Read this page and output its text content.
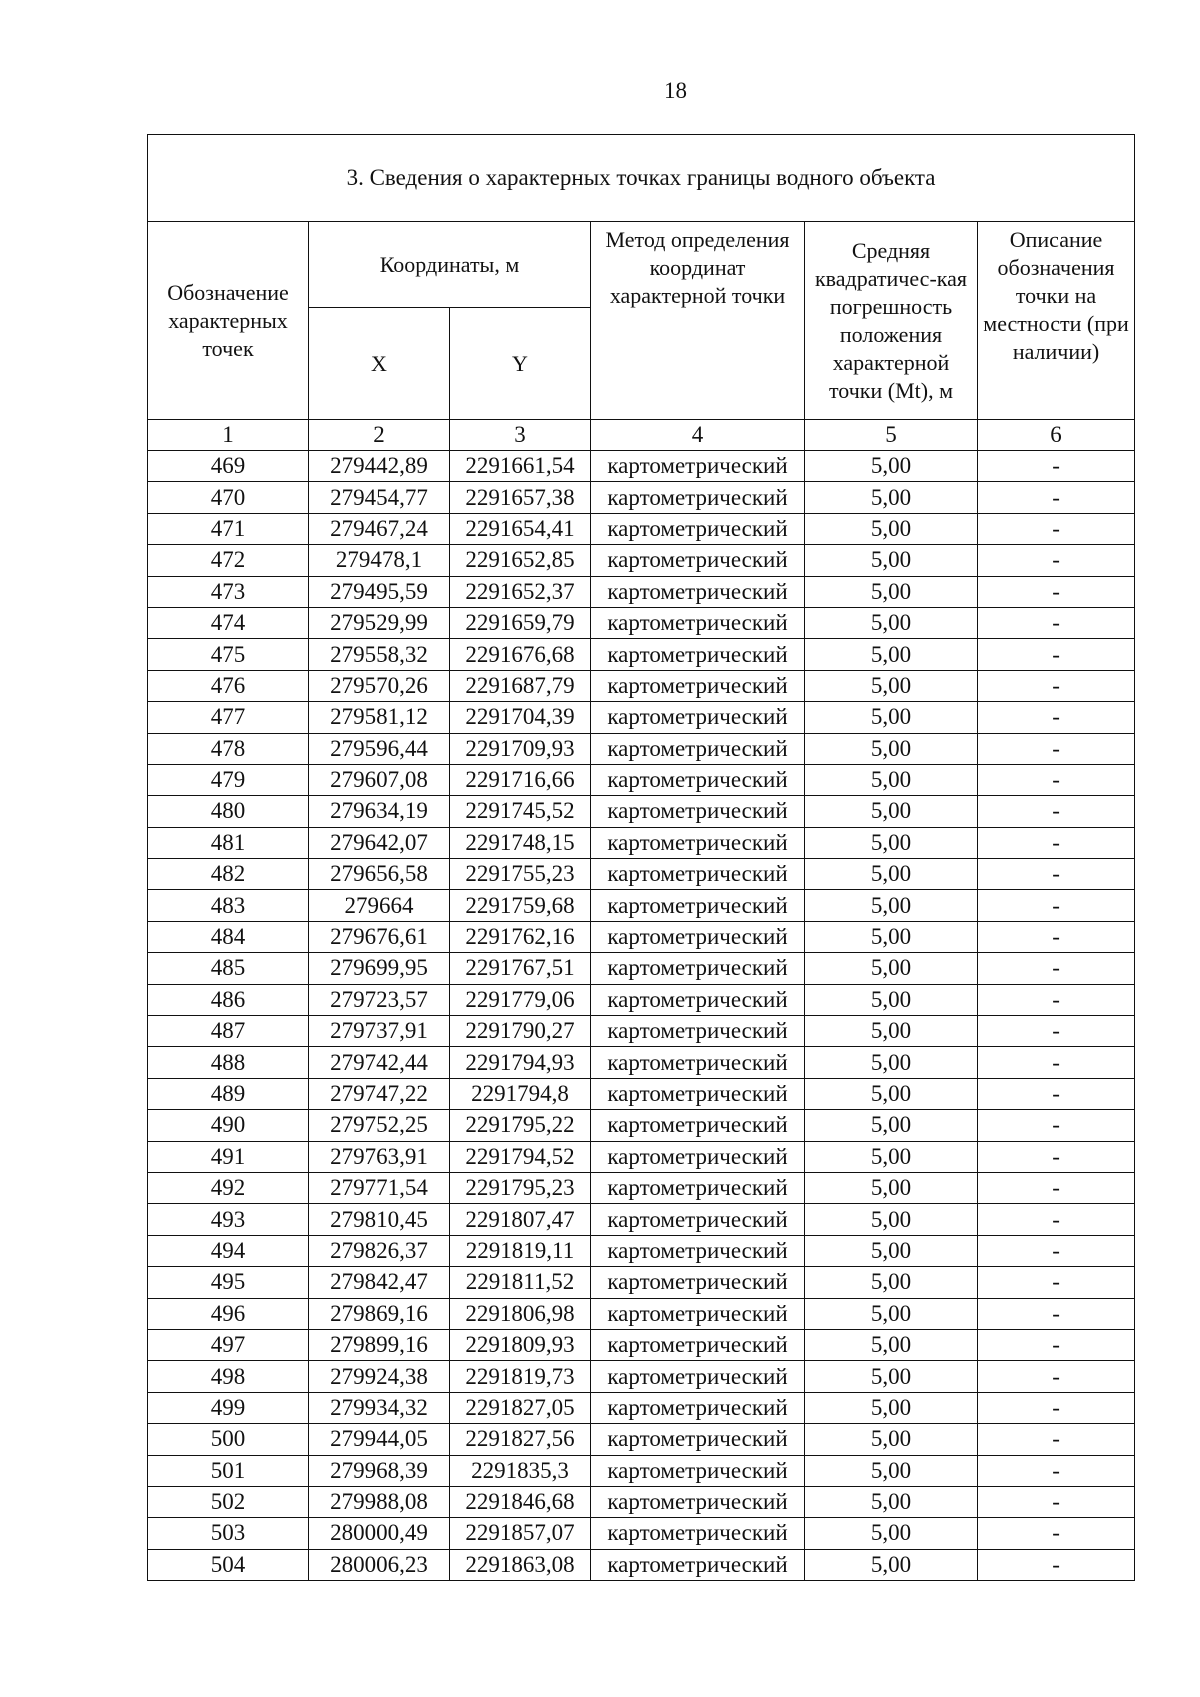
18
3. Сведения о характерных точках границы водного объекта					
Обозначение характерных точек	Координаты, м		Метод определения координат характерной точки	Средняя квадратичес-кая погрешность положения характерной точки (Mt), м	Описание обозначения точки на местности (при наличии)
	X	Y			
1	2	3	4	5	6
469	279442,89	2291661,54	картометрический	5,00	-
470	279454,77	2291657,38	картометрический	5,00	-
471	279467,24	2291654,41	картометрический	5,00	-
472	279478,1	2291652,85	картометрический	5,00	-
473	279495,59	2291652,37	картометрический	5,00	-
474	279529,99	2291659,79	картометрический	5,00	-
475	279558,32	2291676,68	картометрический	5,00	-
476	279570,26	2291687,79	картометрический	5,00	-
477	279581,12	2291704,39	картометрический	5,00	-
478	279596,44	2291709,93	картометрический	5,00	-
479	279607,08	2291716,66	картометрический	5,00	-
480	279634,19	2291745,52	картометрический	5,00	-
481	279642,07	2291748,15	картометрический	5,00	-
482	279656,58	2291755,23	картометрический	5,00	-
483	279664	2291759,68	картометрический	5,00	-
484	279676,61	2291762,16	картометрический	5,00	-
485	279699,95	2291767,51	картометрический	5,00	-
486	279723,57	2291779,06	картометрический	5,00	-
487	279737,91	2291790,27	картометрический	5,00	-
488	279742,44	2291794,93	картометрический	5,00	-
489	279747,22	2291794,8	картометрический	5,00	-
490	279752,25	2291795,22	картометрический	5,00	-
491	279763,91	2291794,52	картометрический	5,00	-
492	279771,54	2291795,23	картометрический	5,00	-
493	279810,45	2291807,47	картометрический	5,00	-
494	279826,37	2291819,11	картометрический	5,00	-
495	279842,47	2291811,52	картометрический	5,00	-
496	279869,16	2291806,98	картометрический	5,00	-
497	279899,16	2291809,93	картометрический	5,00	-
498	279924,38	2291819,73	картометрический	5,00	-
499	279934,32	2291827,05	картометрический	5,00	-
500	279944,05	2291827,56	картометрический	5,00	-
501	279968,39	2291835,3	картометрический	5,00	-
502	279988,08	2291846,68	картометрический	5,00	-
503	280000,49	2291857,07	картометрический	5,00	-
504	280006,23	2291863,08	картометрический	5,00	-
